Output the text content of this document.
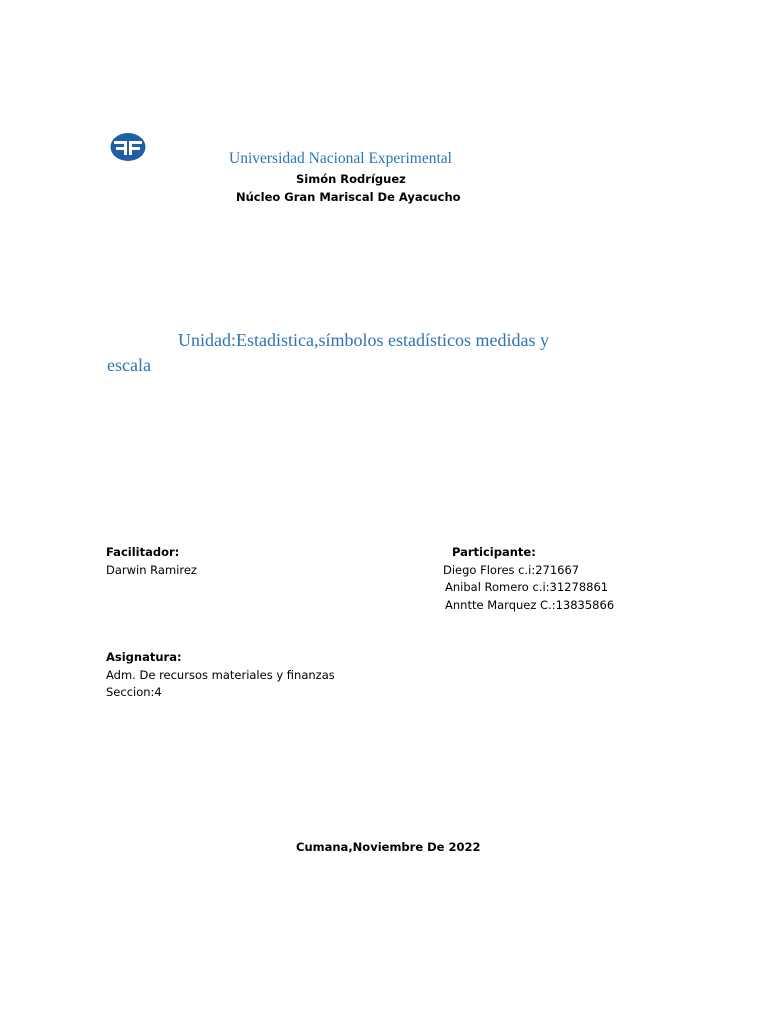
Universidad Nacional Experimental
Simón Rodríguez
Núcleo Gran Mariscal De Ayacucho
Unidad:Estadistica,símbolos estadísticos medidas y
escala
Facilitador:
Darwin Ramirez
Participante:
Diego Flores c.i:271667
Anibal Romero c.i:31278861
Anntte Marquez C.:13835866
Asignatura:
Adm. De recursos materiales y finanzas
Seccion:4
Cumana,Noviembre De 2022
